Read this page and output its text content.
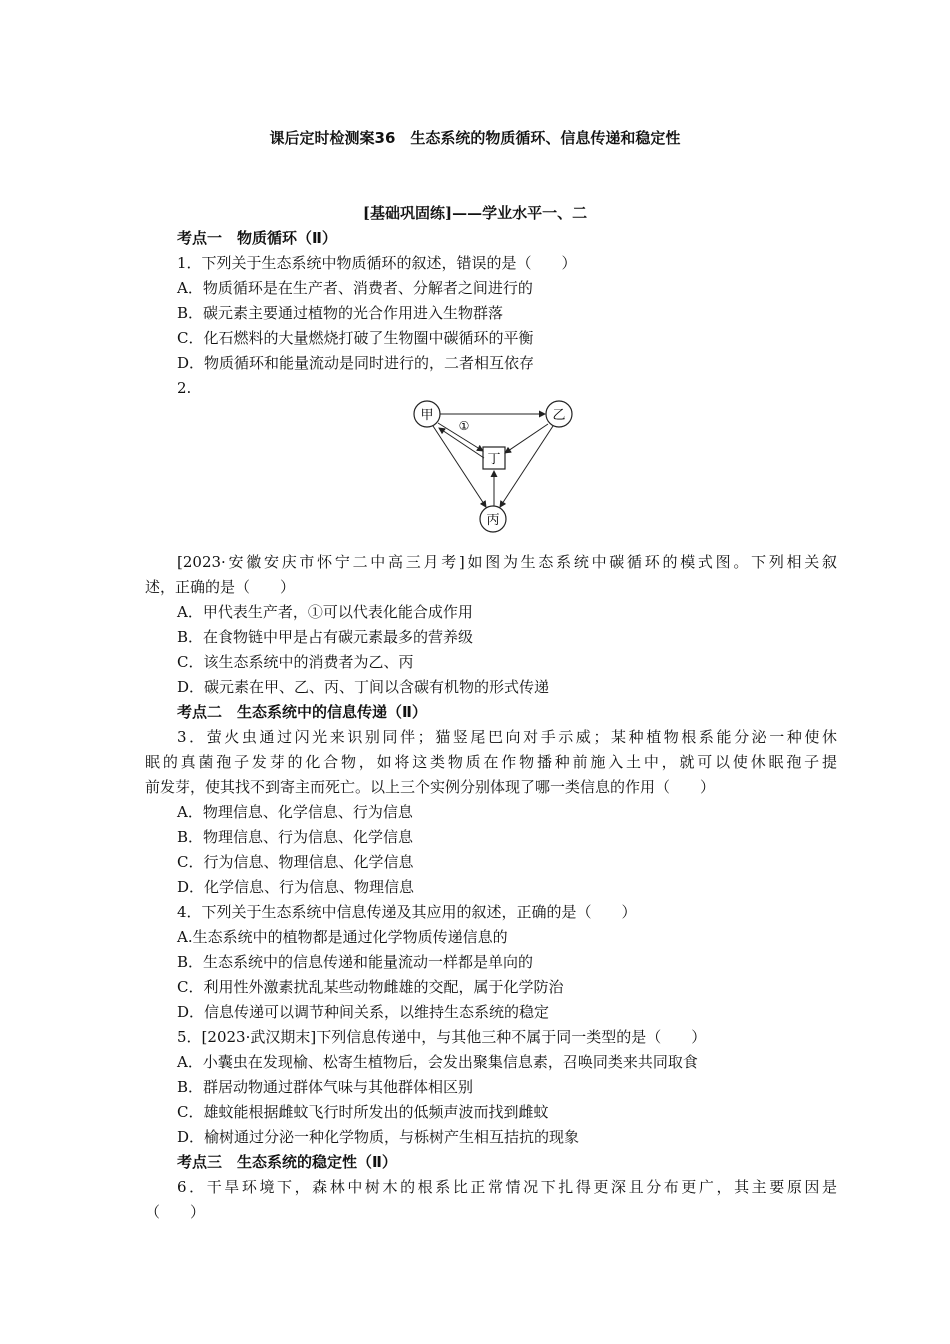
课后定时检测案36　生态系统的物质循环、信息传递和稳定性
[基础巩固练]——学业水平一、二
考点一　物质循环（Ⅱ）
1．下列关于生态系统中物质循环的叙述，错误的是（　　）
A．物质循环是在生产者、消费者、分解者之间进行的
B．碳元素主要通过植物的光合作用进入生物群落
C．化石燃料的大量燃烧打破了生物圈中碳循环的平衡
D．物质循环和能量流动是同时进行的，二者相互依存
2.
甲	乙
丙
丁
①
[2023·安徽安庆市怀宁二中高三月考]如图为生态系统中碳循环的模式图。下列相关叙
述，正确的是（　　）
A．甲代表生产者，①可以代表化能合成作用
B．在食物链中甲是占有碳元素最多的营养级
C．该生态系统中的消费者为乙、丙
D．碳元素在甲、乙、丙、丁间以含碳有机物的形式传递
考点二　生态系统中的信息传递（Ⅱ）
3．萤火虫通过闪光来识别同伴；猫竖尾巴向对手示威；某种植物根系能分泌一种使休
眠的真菌孢子发芽的化合物，如将这类物质在作物播种前施入土中，就可以使休眠孢子提
前发芽，使其找不到寄主而死亡。以上三个实例分别体现了哪一类信息的作用（　　）
A．物理信息、化学信息、行为信息
B．物理信息、行为信息、化学信息
C．行为信息、物理信息、化学信息
D．化学信息、行为信息、物理信息
4．下列关于生态系统中信息传递及其应用的叙述，正确的是（　　）
A.生态系统中的植物都是通过化学物质传递信息的
B．生态系统中的信息传递和能量流动一样都是单向的
C．利用性外激素扰乱某些动物雌雄的交配，属于化学防治
D．信息传递可以调节种间关系，以维持生态系统的稳定
5．[2023·武汉期末]下列信息传递中，与其他三种不属于同一类型的是（　　）
A．小囊虫在发现榆、松寄生植物后，会发出聚集信息素，召唤同类来共同取食
B．群居动物通过群体气味与其他群体相区别
C．雄蚊能根据雌蚊飞行时所发出的低频声波而找到雌蚊
D．榆树通过分泌一种化学物质，与栎树产生相互拮抗的现象
考点三　生态系统的稳定性（Ⅱ）
6．干旱环境下，森林中树木的根系比正常情况下扎得更深且分布更广，其主要原因是
（　　）
